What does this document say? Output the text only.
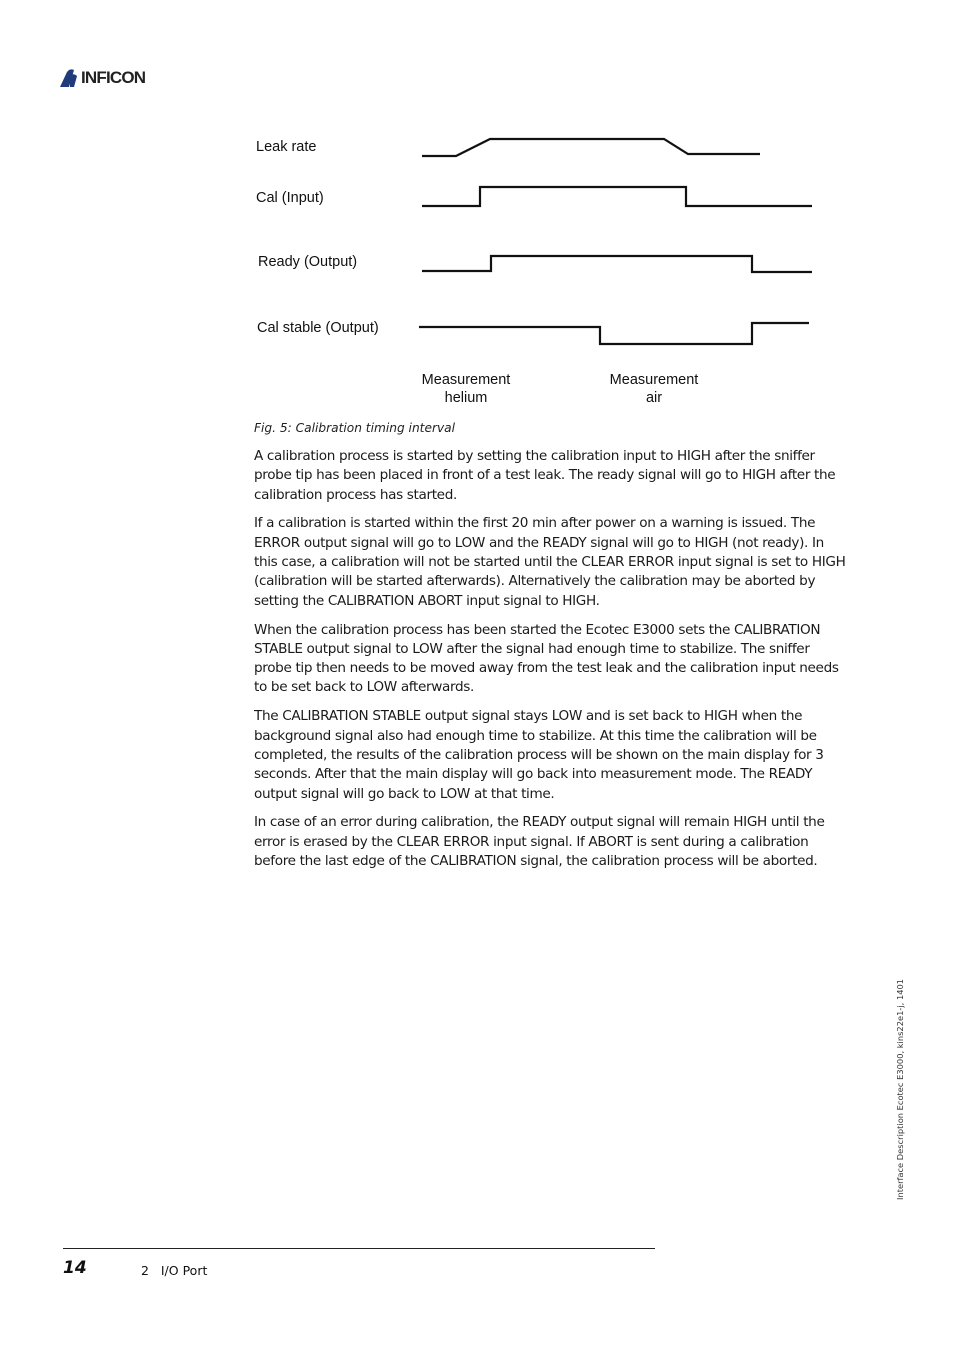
INFICON
Leak rate
Cal (Input)
Ready (Output)
Cal stable (Output)
Measurement
helium
Measurement
air
Fig. 5: Calibration timing interval

A calibration process is started by setting the calibration input to HIGH after the sniffer probe tip has been placed in front of a test leak. The ready signal will go to HIGH after the calibration process has started.

If a calibration is started within the first 20 min after power on a warning is issued. The ERROR output signal will go to LOW and the READY signal will go to HIGH (not ready). In this case, a calibration will not be started until the CLEAR ERROR input signal is set to HIGH (calibration will be started afterwards). Alternatively the calibration may be aborted by setting the CALIBRATION ABORT input signal to HIGH.

When the calibration process has been started the Ecotec E3000 sets the CALIBRATION STABLE output signal to LOW after the signal had enough time to stabilize. The sniffer probe tip then needs to be moved away from the test leak and the calibration input needs to be set back to LOW afterwards.

The CALIBRATION STABLE output signal stays LOW and is set back to HIGH when the background signal also had enough time to stabilize. At this time the calibration will be completed, the results of the calibration process will be shown on the main display for 3 seconds. After that the main display will go back into measurement mode. The READY output signal will go back to LOW at that time.

In case of an error during calibration, the READY output signal will remain HIGH until the error is erased by the CLEAR ERROR input signal. If ABORT is sent during a calibration before the last edge of the CALIBRATION signal, the calibration process will be aborted.

Interface Description Ecotec E3000, kins22e1-j, 1401
14	2   I/O Port
